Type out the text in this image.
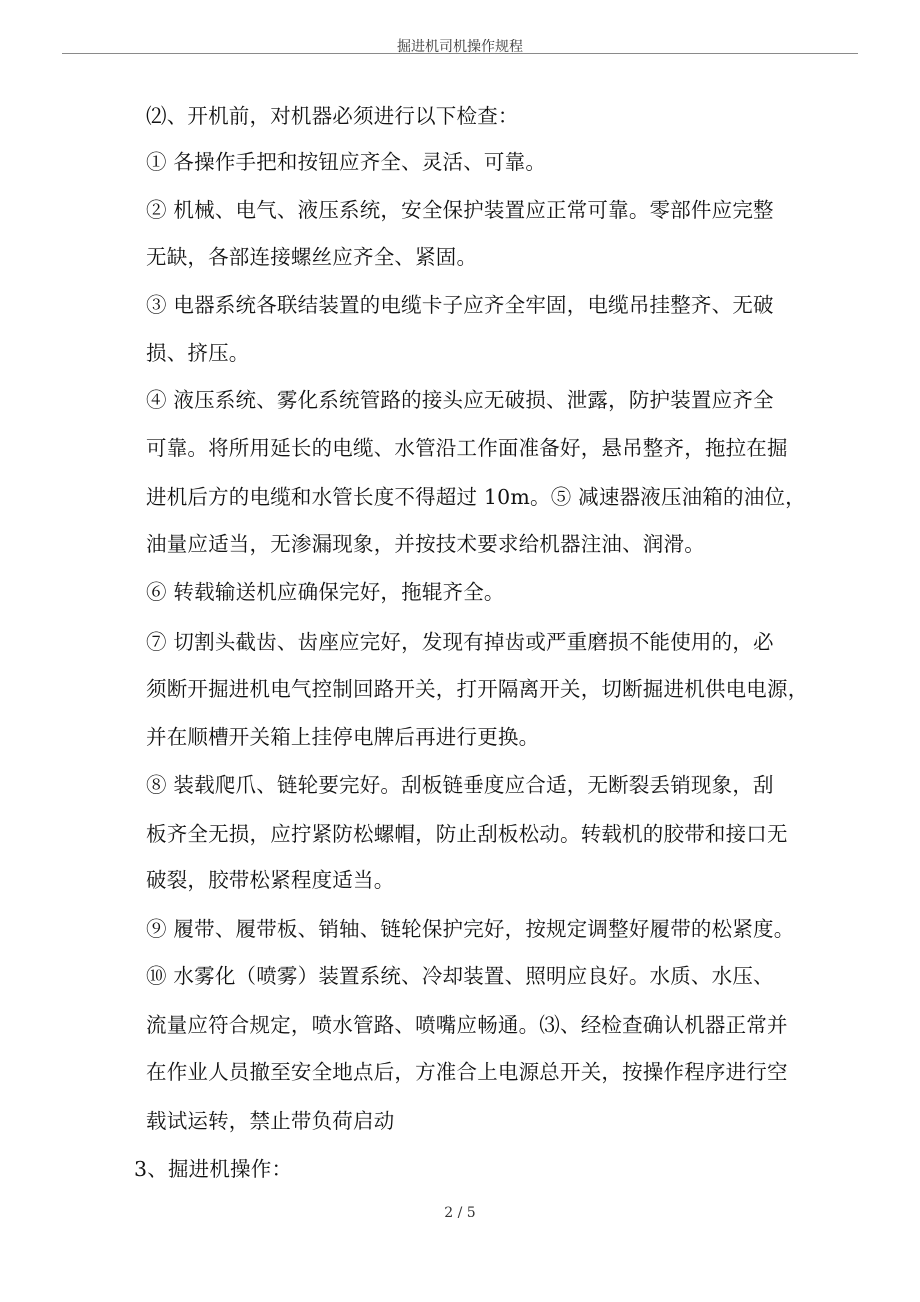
掘进机司机操作规程
⑵、开机前，对机器必须进行以下检查：
① 各操作手把和按钮应齐全、灵活、可靠。
② 机械、电气、液压系统，安全保护装置应正常可靠。零部件应完整
无缺，各部连接螺丝应齐全、紧固。
③ 电器系统各联结装置的电缆卡子应齐全牢固，电缆吊挂整齐、无破
损、挤压。
④ 液压系统、雾化系统管路的接头应无破损、泄露，防护装置应齐全
可靠。将所用延长的电缆、水管沿工作面准备好，悬吊整齐，拖拉在掘
进机后方的电缆和水管长度不得超过 10m。⑤ 减速器液压油箱的油位，
油量应适当，无渗漏现象，并按技术要求给机器注油、润滑。
⑥ 转载输送机应确保完好，拖辊齐全。
⑦ 切割头截齿、齿座应完好，发现有掉齿或严重磨损不能使用的，必
须断开掘进机电气控制回路开关，打开隔离开关，切断掘进机供电电源，
并在顺槽开关箱上挂停电牌后再进行更换。
⑧ 装载爬爪、链轮要完好。刮板链垂度应合适，无断裂丢销现象，刮
板齐全无损，应拧紧防松螺帽，防止刮板松动。转载机的胶带和接口无
破裂，胶带松紧程度适当。
⑨ 履带、履带板、销轴、链轮保护完好，按规定调整好履带的松紧度。
⑩ 水雾化（喷雾）装置系统、冷却装置、照明应良好。水质、水压、
流量应符合规定，喷水管路、喷嘴应畅通。⑶、经检查确认机器正常并
在作业人员撤至安全地点后，方准合上电源总开关，按操作程序进行空
载试运转，禁止带负荷启动
3、掘进机操作：
2 / 5
